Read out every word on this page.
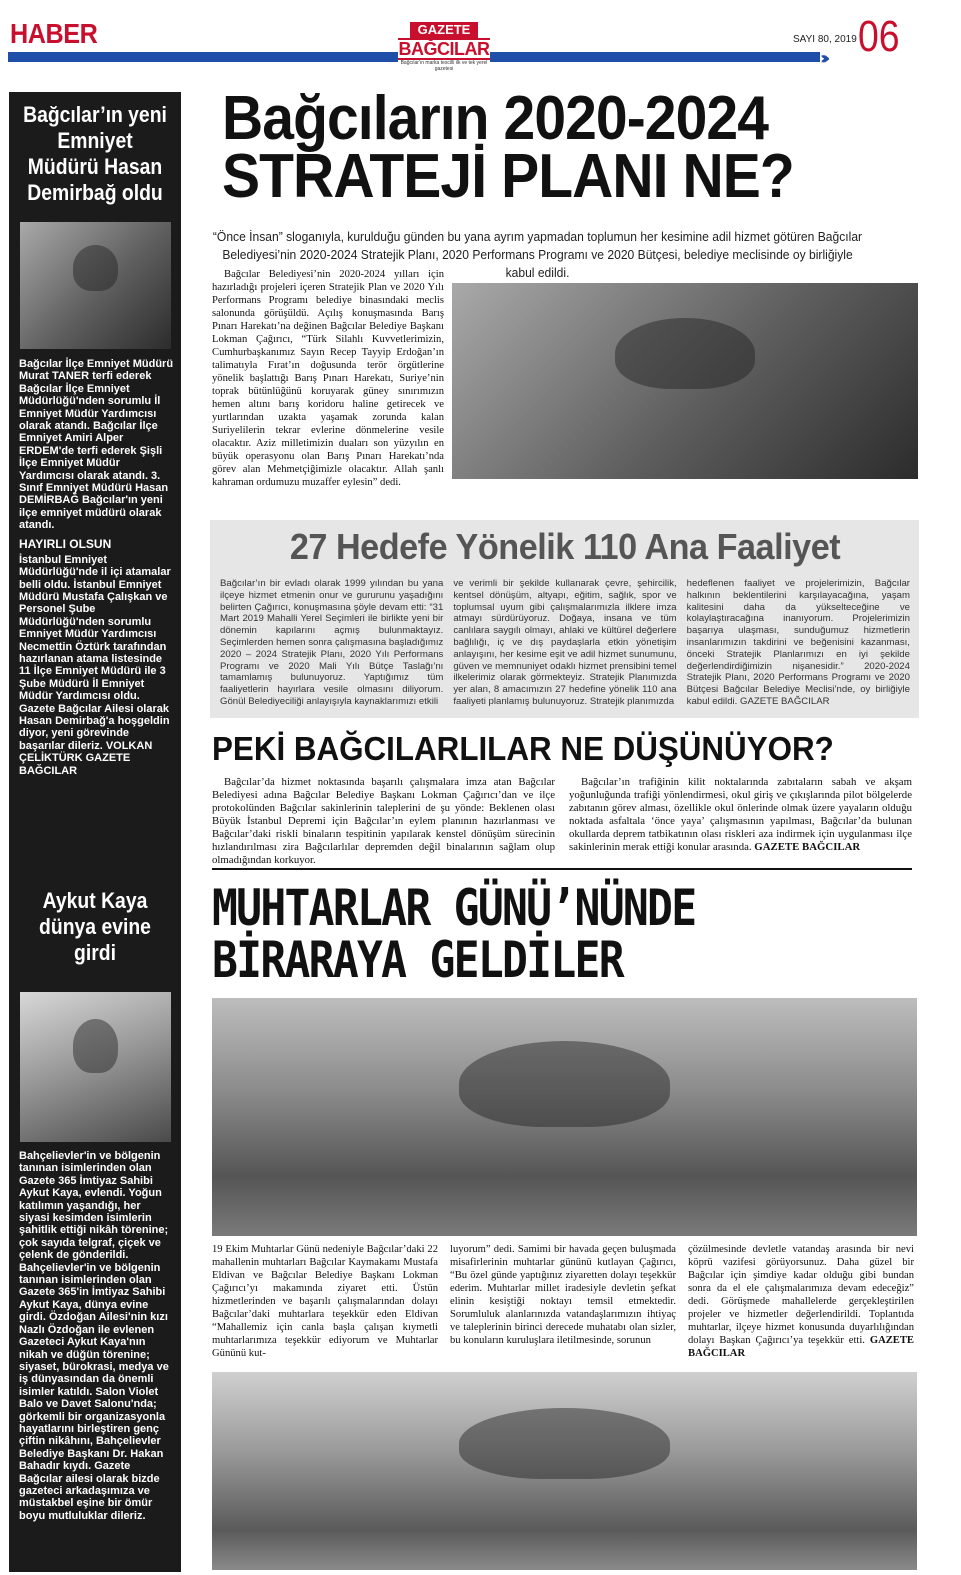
HABER
›››
GAZETE
BAĞCILAR
Bağcılar'ın marka tescilli ilk ve tek yerel gazetesi
SAYI 80, 2019 06
Bağcılar’ın yeni Emniyet Müdürü Hasan Demirbağ oldu

Bağcılar İlçe Emniyet Müdürü Murat TANER terfi ederek Bağcılar İlçe Emniyet Müdürlüğü'nden sorumlu İl Emniyet Müdür Yardımcısı olarak atandı. Bağcılar İlçe Emniyet Amiri Alper ERDEM'de terfi ederek Şişli İlçe Emniyet Müdür Yardımcısı olarak atandı. 3. Sınıf Emniyet Müdürü Hasan DEMİRBAĞ Bağcılar'ın yeni ilçe emniyet müdürü olarak atandı.

HAYIRLI OLSUN

İstanbul Emniyet Müdürlüğü'nde il içi atamalar belli oldu. İstanbul Emniyet Müdürü Mustafa Çalışkan ve Personel Şube Müdürlüğü'nden sorumlu Emniyet Müdür Yardımcısı Necmettin Öztürk tarafından hazırlanan atama listesinde 11 İlçe Emniyet Müdürü ile 3 Şube Müdürü İl Emniyet Müdür Yardımcısı oldu. Gazete Bağcılar Ailesi olarak Hasan Demirbağ'a hoşgeldin diyor, yeni görevinde başarılar dileriz. VOLKAN ÇELİKTÜRK GAZETE BAĞCILAR

Aykut Kaya dünya evine girdi
Bahçelievler'in ve bölgenin tanınan isimlerinden olan Gazete 365 İmtiyaz Sahibi Aykut Kaya, evlendi. Yoğun katılımın yaşandığı, her siyasi kesimden isimlerin şahitlik ettiği nikâh törenine; çok sayıda telgraf, çiçek ve çelenk de gönderildi. Bahçelievler'in ve bölgenin tanınan isimlerinden olan Gazete 365'in İmtiyaz Sahibi Aykut Kaya, dünya evine girdi. Özdoğan Ailesi'nin kızı Nazlı Özdoğan ile evlenen Gazeteci Aykut Kaya'nın nikah ve düğün törenine; siyaset, bürokrasi, medya ve iş dünyasından da önemli isimler katıldı. Salon Violet Balo ve Davet Salonu'nda; görkemli bir organizasyonla hayatlarını birleştiren genç çiftin nikâhını, Bahçelievler Belediye Başkanı Dr. Hakan Bahadır kıydı. Gazete Bağcılar ailesi olarak bizde gazeteci arkadaşımıza ve müstakbel eşine bir ömür boyu mutluluklar dileriz.
Bağcıların 2020-2024
STRATEJİ PLANI NE?
“Önce İnsan” sloganıyla, kurulduğu günden bu yana ayrım yapmadan toplumun her kesimine adil hizmet götüren Bağcılar Belediyesi’nin 2020-2024 Stratejik Planı, 2020 Performans Programı ve 2020 Bütçesi, belediye meclisinde oy birliğiyle kabul edildi.

Bağcılar Belediyesi’nin 2020-2024 yılları için hazırladığı projeleri içeren Stratejik Plan ve 2020 Yılı Performans Programı belediye binasındaki meclis salonunda görüşüldü. Açılış konuşmasında Barış Pınarı Harekatı’na değinen Bağcılar Belediye Başkanı Lokman Çağırıcı, “Türk Silahlı Kuvvetlerimizin, Cumhurbaşkanımız Sayın Recep Tayyip Erdoğan’ın talimatıyla Fırat’ın doğusunda terör örgütlerine yönelik başlattığı Barış Pınarı Harekatı, Suriye’nin toprak bütünlüğünü koruyarak güney sınırımızın hemen altını barış koridoru haline getirecek ve yurtlarından uzakta yaşamak zorunda kalan Suriyelilerin tekrar evlerine dönmelerine vesile olacaktır. Aziz milletimizin duaları son yüzyılın en büyük operasyonu olan Barış Pınarı Harekatı’nda görev alan Mehmetçiğimizle olacaktır. Allah şanlı kahraman ordumuzu muzaffer eylesin” dedi.

27 Hedefe Yönelik 110 Ana Faaliyet

Bağcılar’ın bir evladı olarak 1999 yılından bu yana ilçeye hizmet etmenin onur ve gururunu yaşadığını belirten Çağırıcı, konuşmasına şöyle devam etti: “31 Mart 2019 Mahalli Yerel Seçimleri ile birlikte yeni bir dönemin kapılarını açmış bulunmaktayız. Seçimlerden hemen sonra çalışmasına başladığımız 2020 – 2024 Stratejik Planı, 2020 Yılı Performans Programı ve 2020 Mali Yılı Bütçe Taslağı’nı tamamlamış bulunuyoruz. Yaptığımız tüm faaliyetlerin hayırlara vesile olmasını diliyorum. Gönül Belediyeciliği anlayışıyla kaynaklarımızı etkili

ve verimli bir şekilde kullanarak çevre, şehircilik, kentsel dönüşüm, altyapı, eğitim, sağlık, spor ve toplumsal uyum gibi çalışmalarımızla ilklere imza atmayı sürdürüyoruz. Doğaya, insana ve tüm canlılara saygılı olmayı, ahlaki ve kültürel değerlere bağlılığı, iç ve dış paydaşlarla etkin yönetişim anlayışını, her kesime eşit ve adil hizmet sunumunu, güven ve memnuniyet odaklı hizmet prensibini temel ilkelerimiz olarak görmekteyiz. Stratejik Planımızda yer alan, 8 amacımızın 27 hedefine yönelik 110 ana faaliyeti planlamış bulunuyoruz. Stratejik planımızda

hedeflenen faaliyet ve projelerimizin, Bağcılar halkının beklentilerini karşılayacağına, yaşam kalitesini daha da yükselteceğine ve kolaylaştıracağına inanıyorum. Projelerimizin başarıya ulaşması, sunduğumuz hizmetlerin insanlarımızın takdirini ve beğenisini kazanması, önceki Stratejik Planlarımızı en iyi şekilde değerlendirdiğimizin nişanesidir.” 2020-2024 Stratejik Planı, 2020 Performans Programı ve 2020 Bütçesi Bağcılar Belediye Meclisi’nde, oy birliğiyle kabul edildi. GAZETE BAĞCILAR

PEKİ BAĞCILARLILAR NE DÜŞÜNÜYOR?

Bağcılar’da hizmet noktasında başarılı çalışmalara imza atan Bağcılar Belediyesi adına Bağcılar Belediye Başkanı Lokman Çağırıcı’dan ve ilçe protokolünden Bağcılar sakinlerinin taleplerini de şu yönde: Beklenen olası Büyük İstanbul Depremi için Bağcılar’ın eylem planının hazırlanması ve Bağcılar’daki riskli binaların tespitinin yapılarak kenstel dönüşüm sürecinin hızlandırılması zira Bağcılarlılar depremden değil binalarının sağlam olup olmadığından korkuyor.

Bağcılar’ın trafiğinin kilit noktalarında zabıtaların sabah ve akşam yoğunluğunda trafiği yönlendirmesi, okul giriş ve çıkışlarında pilot bölgelerde zabıtanın görev alması, özellikle okul önlerinde olmak üzere yayaların olduğu noktada asfaltala ‘önce yaya’ çalışmasının yapılması, Bağcılar’da bulunan okullarda deprem tatbikatının olası riskleri aza indirmek için uygulanması ilçe sakinlerinin merak ettiği konular arasında. GAZETE BAĞCILAR

MUHTARLAR GÜNÜ’NÜNDE
BİRARAYA GELDİLER

19 Ekim Muhtarlar Günü nedeniyle Bağcılar’daki 22 mahallenin muhtarları Bağcılar Kaymakamı Mustafa Eldivan ve Bağcılar Belediye Başkanı Lokman Çağırıcı’yı makamında ziyaret etti. Üstün hizmetlerinden ve başarılı çalışmalarından dolayı Bağcılar’daki muhtarlara teşekkür eden Eldivan “Mahallemiz için canla başla çalışan kıymetli muhtarlarımıza teşekkür ediyorum ve Muhtarlar Gününü kut-

luyorum” dedi. Samimi bir havada geçen buluşmada misafirlerinin muhtarlar gününü kutlayan Çağırıcı, “Bu özel günde yaptığınız ziyaretten dolayı teşekkür ederim. Muhtarlar millet iradesiyle devletin şefkat elinin kesiştiği noktayı temsil etmektedir. Sorumluluk alanlarınızda vatandaşlarımızın ihtiyaç ve taleplerinin birinci derecede muhatabı olan sizler, bu konuların kuruluşlara iletilmesinde, sorunun

çözülmesinde devletle vatandaş arasında bir nevi köprü vazifesi görüyorsunuz. Daha güzel bir Bağcılar için şimdiye kadar olduğu gibi bundan sonra da el ele çalışmalarımıza devam edeceğiz” dedi. Görüşmede mahallelerde gerçekleştirilen projeler ve hizmetler değerlendirildi. Toplantıda muhtarlar, ilçeye hizmet konusunda duyarlılığından dolayı Başkan Çağırıcı’ya teşekkür etti. GAZETE BAĞCILAR
